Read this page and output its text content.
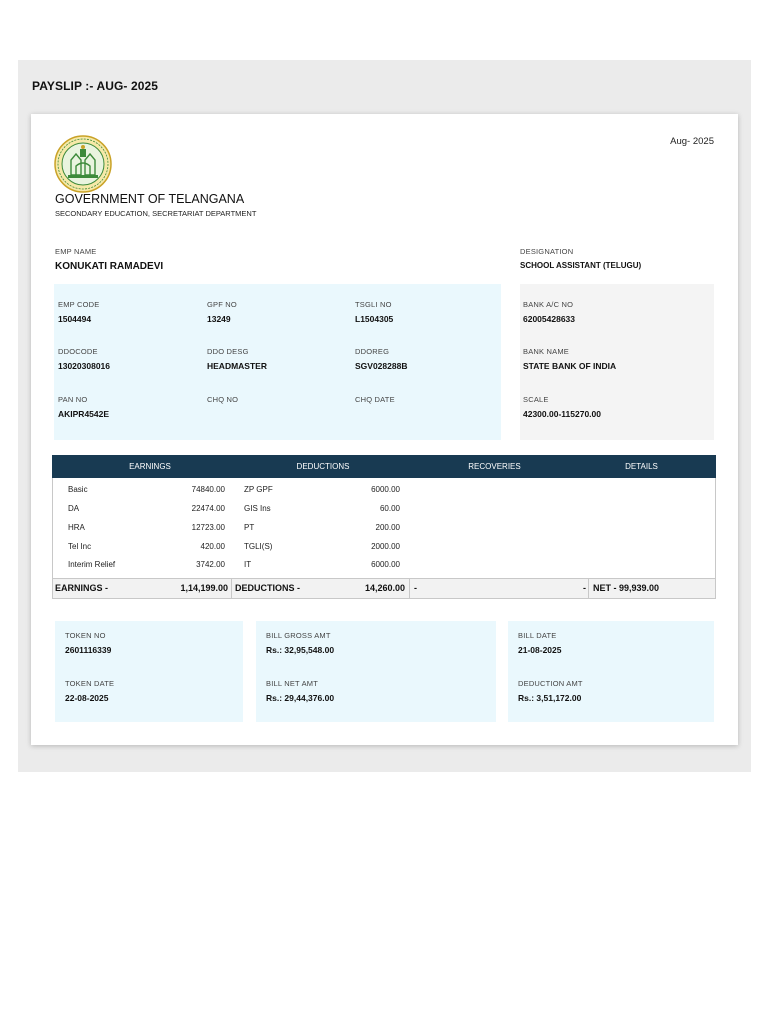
PAYSLIP :- AUG- 2025
Aug- 2025
GOVERNMENT OF TELANGANA
SECONDARY EDUCATION, SECRETARIAT DEPARTMENT
EMP NAME
KONUKATI RAMADEVI
DESIGNATION
SCHOOL ASSISTANT (TELUGU)
EMP CODE
1504494
GPF NO
13249
TSGLI NO
L1504305
DDOCODE
13020308016
DDO DESG
HEADMASTER
DDOREG
SGV028288B
PAN NO
AKIPR4542E
CHQ NO	CHQ DATE
BANK A/C NO
62005428633
BANK NAME
STATE BANK OF INDIA
SCALE
42300.00-115270.00
EARNINGS	DEDUCTIONS	RECOVERIES	DETAILS
Basic	74840.00 ZP GPF	6000.00
DA	22474.00 GIS Ins	60.00
HRA	12723.00 PT	200.00
Tel Inc	420.00 TGLI(S)	2000.00
Interim Relief	3742.00 IT	6000.00
EARNINGS -	1,14,199.00 DEDUCTIONS -	14,260.00 -	- NET - 99,939.00
TOKEN NO
2601116339
TOKEN DATE
22-08-2025
BILL GROSS AMT
Rs.: 32,95,548.00
BILL NET AMT
Rs.: 29,44,376.00
BILL DATE
21-08-2025
DEDUCTION AMT
Rs.: 3,51,172.00
